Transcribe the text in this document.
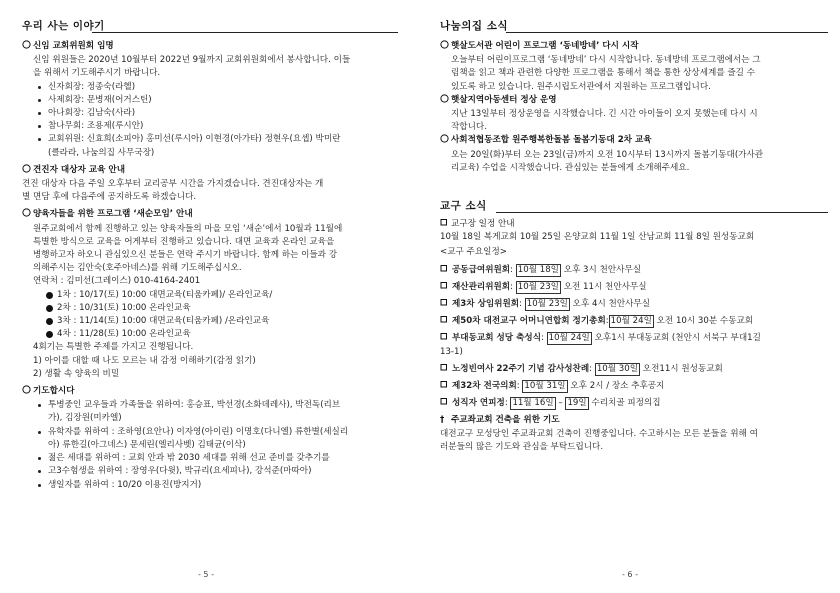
우리 사는 이야기
신임 교회위원회 임명
신임 위원들은 2020년 10월부터 2022년 9월까지 교회위원회에서 봉사합니다. 이들
을 위해서 기도해주시기 바랍니다.
신자회장: 정종숙(라헬)
사제회장: 문병재(어거스틴)
아나회장: 김남숙(사라)
참나무회: 조용제(루시안)
교회위원: 신효희(소피아) 홍미선(루시아) 이현경(아가타) 정현우(요셉) 박미란
(클라라, 나눔의집 사무국장)
견진자 대상자 교육 안내
견진 대상자 다음 주일 오후부터 교리공부 시간을 가지겠습니다. 견진대상자는 개
별 면담 후에 다음주에 공지하도록 하겠습니다.
양육자들을 위한 프로그램 ‘새순모임’ 안내
원주교회에서 함께 진행하고 있는 양육자들의 마을 모임 ‘새순’에서 10월과 11월에
특별한 방식으로 교육을 어게부터 진행하고 있습니다. 대면 교육과 온라인 교육을
병행하고자 하오니 관심있으신 분들은 연락 주시기 바랍니다. 함께 하는 이들과 강
의해주시는 김안숙(호주아네스)를 위해 기도해주십시오.
연락처 : 김미선(그레이스) 010-4164-2401
1차 : 10/17(토) 10:00 대면교육(티움카페)/ 온라인교육/
2차 : 10/31(토) 10:00 온라인교육
3차 : 11/14(토) 10:00 대면교육(티움카페) /온라인교육
4차 : 11/28(토) 10:00 온라인교육
4회기는 특별한 주제를 가지고 진행됩니다.
1) 아이를 대할 때 나도 모르는 내 감정 이해하기(감정 읽기)
2) 생활 속 양육의 비밀
기도합시다
투병중인 교우들과 가족들을 위하여: 홍승표, 박선경(소화데레사), 박전독(리브
가), 김장원(미카엘)
유학자를 위하여 : 조하영(요안나) 이자영(아이린) 이명호(다니엘) 류한별(세실리
아) 류한길(아그네스) 문세린(엘리사벳) 김태균(이삭)
젊은 세대를 위하여 : 교회 안과 밖 2030 세대를 위해 선교 준비를 갖추기를
고3수험생을 위하여 : 장영우(다윗), 박규리(요세피나), 강석준(마따아)
생일자를 위하여 : 10/20 이용진(방지거)
- 5 -
나눔의집 소식
햇살도서관 어린이 프로그램 ‘동네방네’ 다시 시작
오늘부터 어린이프로그램 ‘동네방네’ 다시 시작합니다. 동네방네 프로그램에서는 그
림책을 읽고 책과 관련한 다양한 프로그램을 통해서 책을 통한 상상세계를 즐길 수
있도록 하고 있습니다. 원주시립도서관에서 지원하는 프로그램입니다.
햇살지역아동센터 정상 운영
지난 13일부터 정상운영을 시작했습니다. 긴 시간 아이들이 오지 못했는데 다시 시
작합니다.
사회적협동조합 원주행복한돌봄 돌봄기동대 2차 교육
오는 20일(화)부터 오는 23일(금)까지 오전 10시부터 13시까지 돌봄기동대(가사관
리교육) 수업을 시작했습니다. 관심있는 분들에게 소개해주세요.
교구 소식
교구장 일정 안내
10월 18일 복게교회 10월 25일 온양교회 11월 1일 산남교회 11월 8일 원성동교회
<교구 주요일정>
공동급여위원회: 10월 18일 오후 3시 천안사무실
재산관리위원회: 10월 23일 오전 11시 천안사무실
제3차 상임위원회: 10월 23일 오후 4시 천안사무실
제50차 대전교구 어머니연합회 정기총회: 10월 24일 오전 10시 30분 수동교회
부대동교회 성당 축성식: 10월 24일 오후1시 부대동교회 (천안시 서북구 부대1길
13-1)
노정빈여사 22주기 기념 감사성찬례: 10월 30일 오전11시 원성동교회
제32차 전국의회: 10월 31일 오후 2시 / 장소 추후공지
성직자 연피정: 11월 16일 – 19일 수리치골 피정의집
† 주교좌교회 건축을 위한 기도
대전교구 모성당인 주교좌교회 건축이 진행중입니다. 수고하시는 모든 분들을 위해 여
러분들의 많은 기도와 관심을 부탁드립니다.
- 6 -
